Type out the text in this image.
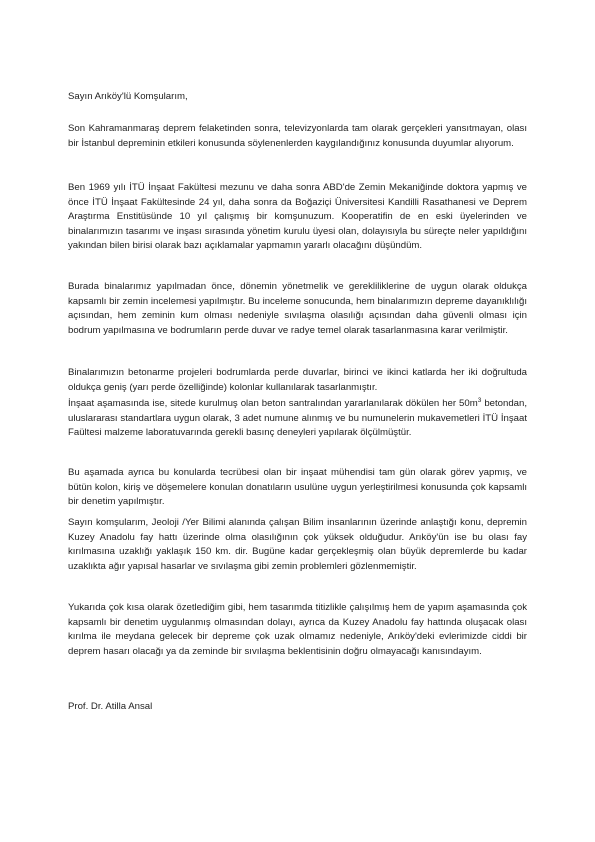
Sayın Arıköy'lü Komşularım,

Son Kahramanmaraş deprem felaketinden sonra, televizyonlarda tam olarak gerçekleri yansıtmayan, olası bir İstanbul depreminin etkileri konusunda söylenenlerden kaygılandığınız konusunda duyumlar alıyorum.

Ben 1969 yılı İTÜ İnşaat Fakültesi mezunu ve daha sonra ABD'de Zemin Mekaniğinde doktora yapmış ve önce İTÜ İnşaat Fakültesinde 24 yıl, daha sonra da Boğaziçi Üniversitesi Kandilli Rasathanesi ve Deprem Araştırma Enstitüsünde 10 yıl çalışmış bir komşunuzum. Kooperatifin de en eski üyelerinden ve binalarımızın tasarımı ve inşası sırasında yönetim kurulu üyesi olan, dolayısıyla bu süreçte neler yapıldığını yakından bilen birisi olarak bazı açıklamalar yapmamın yararlı olacağını düşündüm.

Burada binalarımız yapılmadan önce, dönemin yönetmelik ve gerekliliklerine de uygun olarak oldukça kapsamlı bir zemin incelemesi yapılmıştır. Bu inceleme sonucunda, hem binalarımızın depreme dayanıklılığı açısından, hem zeminin kum olması nedeniyle sıvılaşma olasılığı açısından daha güvenli olması için bodrum yapılmasına ve bodrumların perde duvar ve radye temel olarak tasarlanmasına karar verilmiştir.

Binalarımızın betonarme projeleri bodrumlarda perde duvarlar, birinci ve ikinci katlarda her iki doğrultuda oldukça geniş (yarı perde özelliğinde) kolonlar kullanılarak tasarlanmıştır.

İnşaat aşamasında ise, sitede kurulmuş olan beton santralından yararlanılarak dökülen her $50m^3$ betondan, uluslararası standartlara uygun olarak, 3 adet numune alınmış ve bu numunelerin mukavemetleri İTÜ İnşaat Faültesi malzeme laboratuvarında gerekli basınç deneyleri yapılarak ölçülmüştür.

Bu aşamada ayrıca bu konularda tecrübesi olan bir inşaat mühendisi tam gün olarak görev yapmış, ve bütün kolon, kiriş ve döşemelere konulan donatıların usulüne uygun yerleştirilmesi konusunda çok kapsamlı bir denetim yapılmıştır.

Sayın komşularım, Jeoloji /Yer Bilimi alanında çalışan Bilim insanlarının üzerinde anlaştığı konu, depremin Kuzey Anadolu fay hattı üzerinde olma olasılığının çok yüksek olduğudur. Arıköy'ün ise bu olası fay kırılmasına uzaklığı yaklaşık 150 km. dir. Bugüne kadar gerçekleşmiş olan büyük depremlerde bu kadar uzaklıkta ağır yapısal hasarlar ve sıvılaşma gibi zemin problemleri gözlenmemiştir.

Yukarıda çok kısa olarak özetlediğim gibi, hem tasarımda titizlikle çalışılmış hem de yapım aşamasında çok kapsamlı bir denetim uygulanmış olmasından dolayı, ayrıca da Kuzey Anadolu fay hattında oluşacak olası kırılma ile meydana gelecek bir depreme çok uzak olmamız nedeniyle, Arıköy'deki evlerimizde ciddi bir deprem hasarı olacağı ya da zeminde bir sıvılaşma beklentisinin doğru olmayacağı kanısındayım.

Prof. Dr. Atilla Ansal
